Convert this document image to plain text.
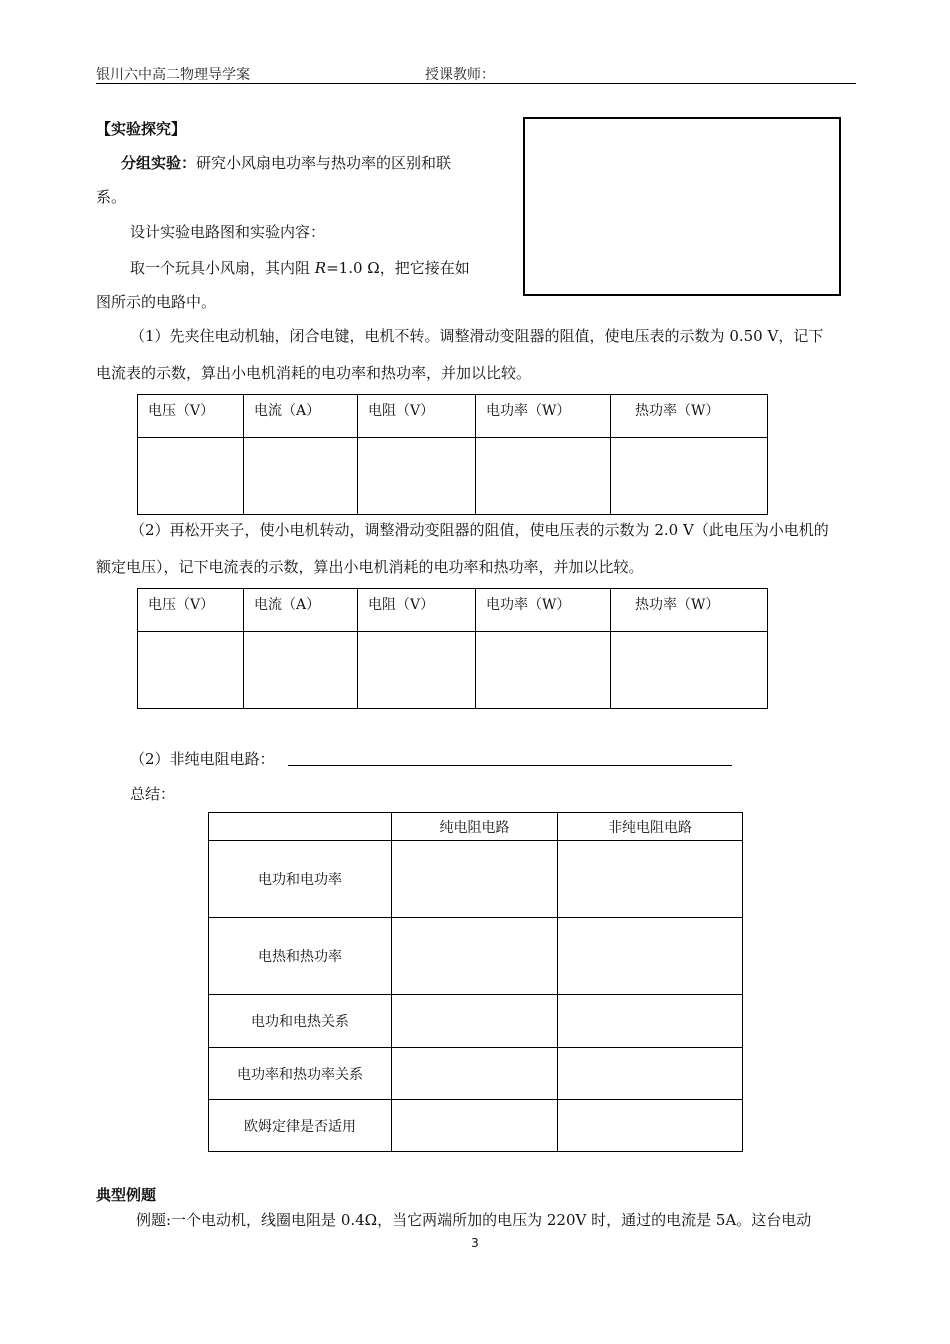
银川六中高二物理导学案	授课教师：
【实验探究】
分组实验：研究小风扇电功率与热功率的区别和联
系。
设计实验电路图和实验内容：
取一个玩具小风扇，其内阻 R=1.0 Ω，把它接在如
图所示的电路中。
（1）先夹住电动机轴，闭合电键，电机不转。调整滑动变阻器的阻值，使电压表的示数为 0.50 V，记下
电流表的示数，算出小电机消耗的电功率和热功率，并加以比较。
电压（V）	电流（A）	电阻（V）	电功率（W）	热功率（W）

（2）再松开夹子，使小电机转动，调整滑动变阻器的阻值，使电压表的示数为 2.0 V（此电压为小电机的
额定电压），记下电流表的示数，算出小电机消耗的电功率和热功率，并加以比较。
电压（V）	电流（A）	电阻（V）	电功率（W）	热功率（W）

（2）非纯电阻电路：
总结：
	纯电阻电路	非纯电阻电路
电功和电功率		
电热和热功率		
电功和电热关系		
电功率和热功率关系		
欧姆定律是否适用		
典型例题
例题:一个电动机，线圈电阻是 0.4Ω，当它两端所加的电压为 220V 时，通过的电流是 5A。这台电动
3
